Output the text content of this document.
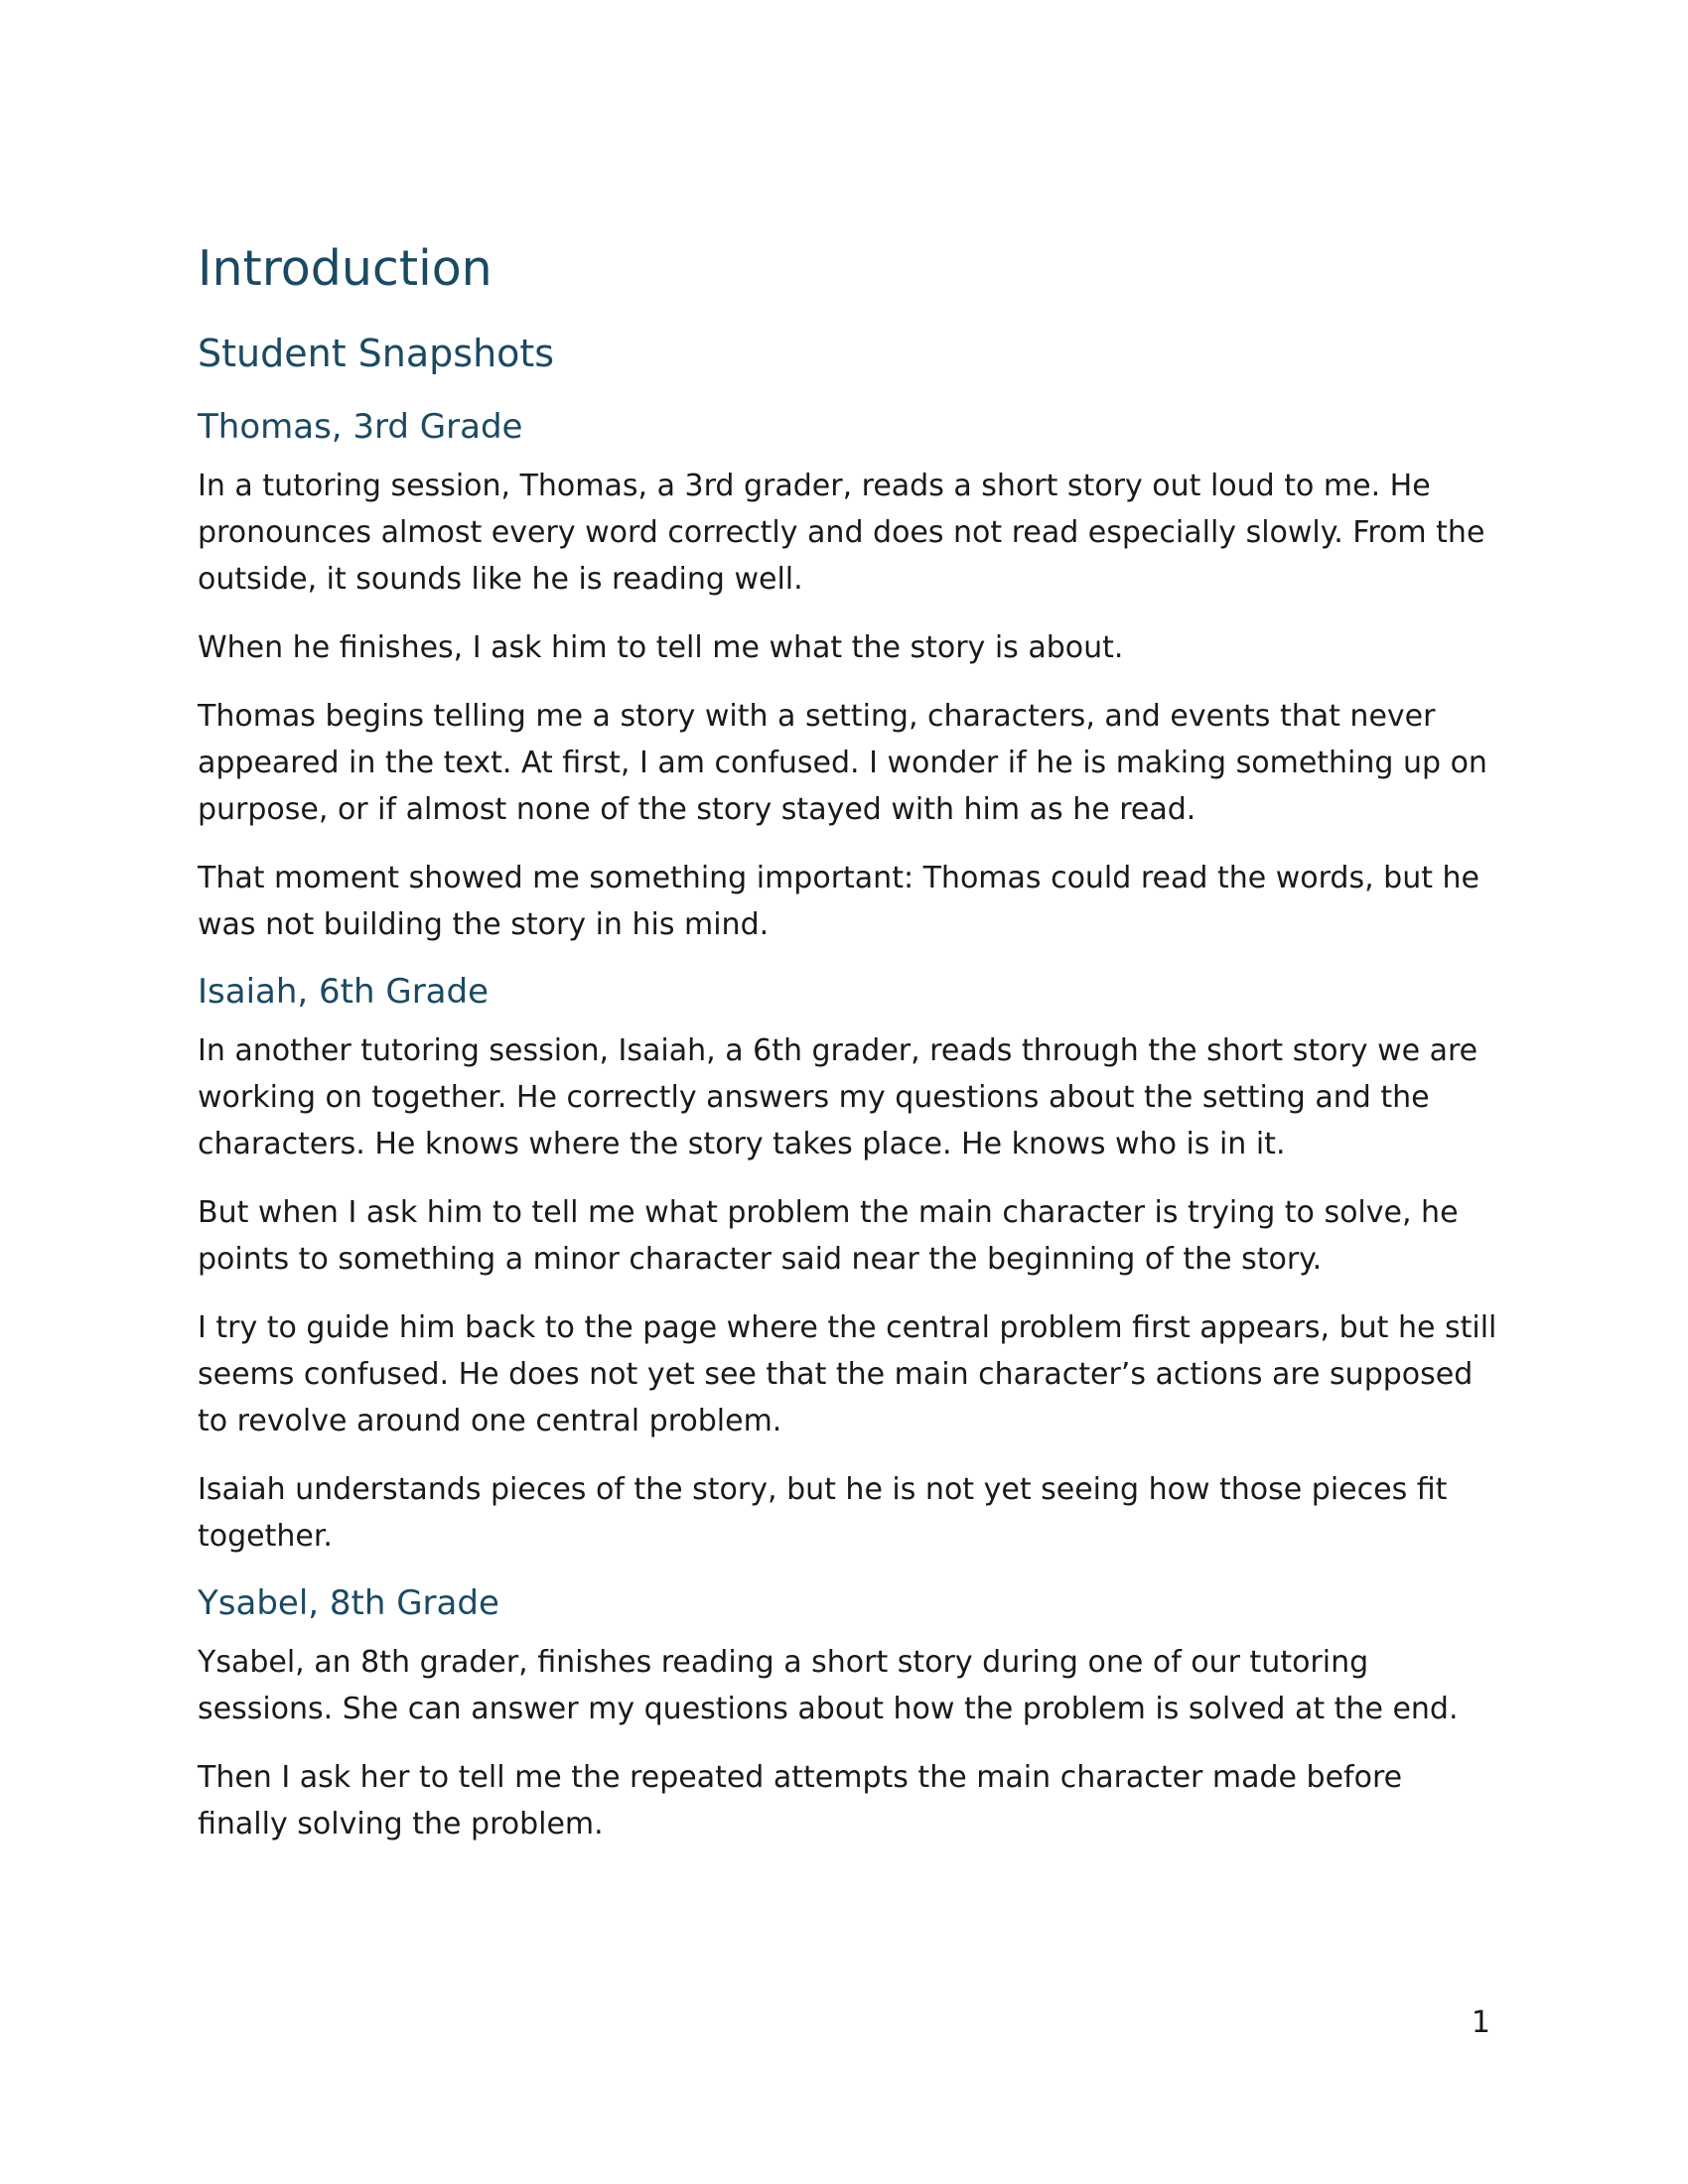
Introduction
Student Snapshots
Thomas, 3rd Grade

In a tutoring session, Thomas, a 3rd grader, reads a short story out loud to me. He pronounces almost every word correctly and does not read especially slowly. From the outside, it sounds like he is reading well.

When he finishes, I ask him to tell me what the story is about.

Thomas begins telling me a story with a setting, characters, and events that never appeared in the text. At first, I am confused. I wonder if he is making something up on purpose, or if almost none of the story stayed with him as he read.

That moment showed me something important: Thomas could read the words, but he was not building the story in his mind.

Isaiah, 6th Grade

In another tutoring session, Isaiah, a 6th grader, reads through the short story we are working on together. He correctly answers my questions about the setting and the characters. He knows where the story takes place. He knows who is in it.

But when I ask him to tell me what problem the main character is trying to solve, he points to something a minor character said near the beginning of the story.

I try to guide him back to the page where the central problem first appears, but he still seems confused. He does not yet see that the main character’s actions are supposed to revolve around one central problem.

Isaiah understands pieces of the story, but he is not yet seeing how those pieces fit together.

Ysabel, 8th Grade

Ysabel, an 8th grader, finishes reading a short story during one of our tutoring sessions. She can answer my questions about how the problem is solved at the end.

Then I ask her to tell me the repeated attempts the main character made before finally solving the problem.

1
